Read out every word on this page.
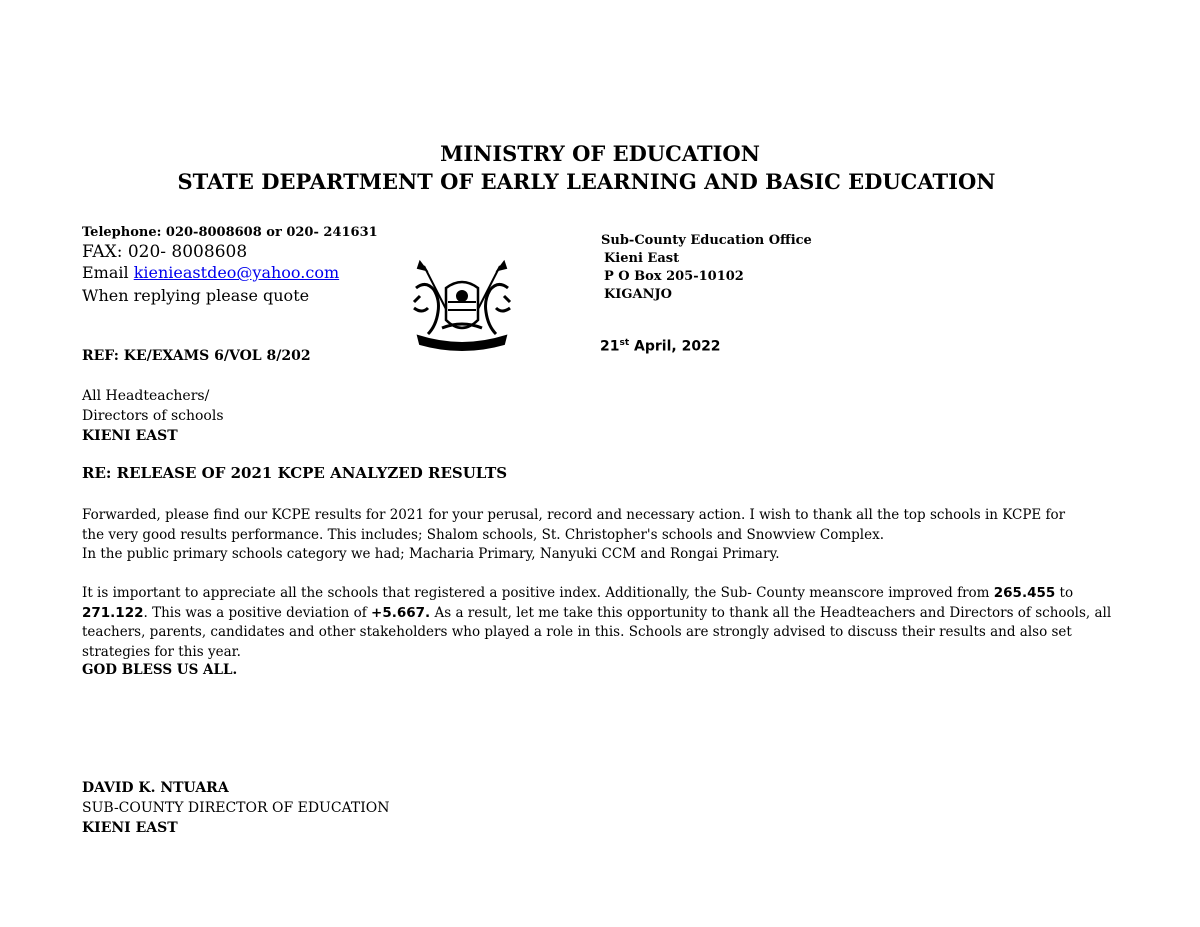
MINISTRY OF EDUCATION
STATE DEPARTMENT OF EARLY LEARNING AND BASIC EDUCATION
Telephone: 020-8008608 or 020- 241631
FAX: 020- 8008608
Email kienieastdeo@yahoo.com
When replying please quote
REF: KE/EXAMS 6/VOL 8/202
Sub-County Education Office
Kieni East
P O Box 205-10102
KIGANJO
21st April, 2022
All Headteachers/
Directors of schools
KIENI EAST
RE: RELEASE OF 2021 KCPE ANALYZED RESULTS
Forwarded, please find our KCPE results for 2021 for your perusal, record and necessary action. I wish to thank all the top schools in KCPE for
the very good results performance. This includes; Shalom schools, St. Christopher's schools and Snowview Complex.
In the public primary schools category we had; Macharia Primary, Nanyuki CCM and Rongai Primary.
It is important to appreciate all the schools that registered a positive index. Additionally, the Sub- County meanscore improved from 265.455 to 271.122. This was a positive deviation of +5.667. As a result, let me take this opportunity to thank all the Headteachers and Directors of schools, all teachers, parents, candidates and other stakeholders who played a role in this. Schools are strongly advised to discuss their results and also set strategies for this year.
GOD BLESS US ALL.
DAVID K. NTUARA
SUB-COUNTY DIRECTOR OF EDUCATION
KIENI EAST
